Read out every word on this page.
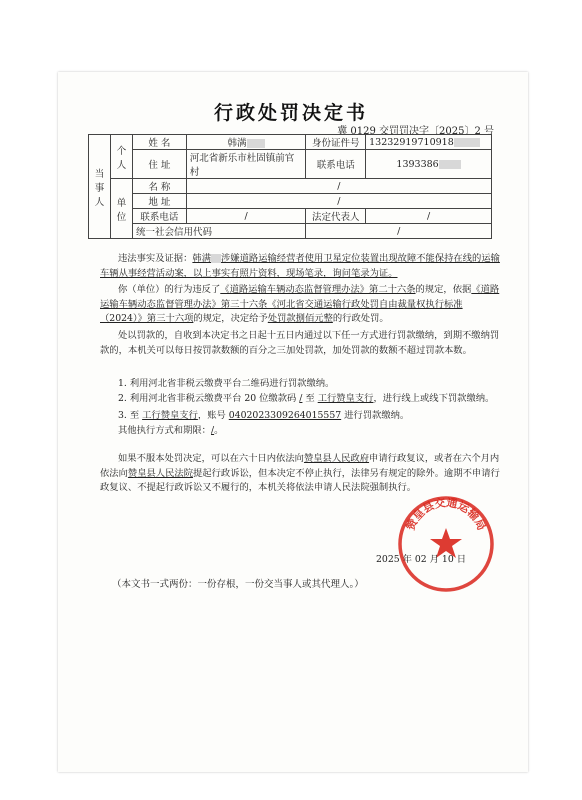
行政处罚决定书
冀 0129 交罚罚决字〔2025〕2 号
当事人	个人	姓 名	韩满	身份证件号	13232919710918
		住 址	河北省新乐市杜固镇前官村	联系电话	1393386
	单位	名 称	/		
		地 址	/		
		联系电话	/	法定代表人	/
		统一社会信用代码		/	

违法事实及证据：韩满 涉嫌道路运输经营者使用卫星定位装置出现故障不能保持在线的运输车辆从事经营活动案，以上事实有照片资料，现场笔录，询问笔录为证。

你（单位）的行为违反了《道路运输车辆动态监督管理办法》第二十六条的规定，依据《道路运输车辆动态监督管理办法》第三十六条《河北省交通运输行政处罚自由裁量权执行标准（2024）》第三十六项的规定，决定给予处罚款捌佰元整的行政处罚。

处以罚款的，自收到本决定书之日起十五日内通过以下任一方式进行罚款缴纳，到期不缴纳罚款的，本机关可以每日按罚款数额的百分之三加处罚款，加处罚款的数额不超过罚款本数。

1. 利用河北省非税云缴费平台二维码进行罚款缴纳。

2. 利用河北省非税云缴费平台 20 位缴款码 / 至 工行赞皇支行，进行线上或线下罚款缴纳。

3. 至 工行赞皇支行，账号 0402023309264015557 进行罚款缴纳。

其他执行方式和期限：/。

如果不服本处罚决定，可以在六十日内依法向赞皇县人民政府申请行政复议，或者在六个月内依法向赞皇县人民法院提起行政诉讼，但本决定不停止执行，法律另有规定的除外。逾期不申请行政复议、不提起行政诉讼又不履行的，本机关将依法申请人民法院强制执行。

赞皇县交通运输局
2025 年 02 月 10 日
（本文书一式两份：一份存根，一份交当事人或其代理人。）
